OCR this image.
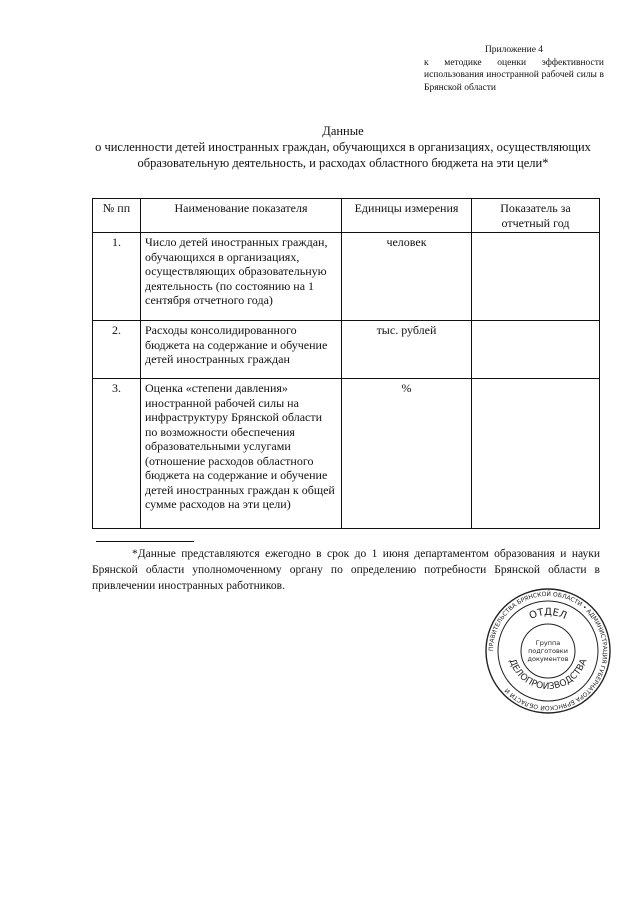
Приложение 4
к методике оценки эффективности использования иностранной рабочей силы в Брянской области
Данные
о численности детей иностранных граждан, обучающихся в организациях, осуществляющих образовательную деятельность, и расходах областного бюджета на эти цели*
№ пп	Наименование показателя	Единицы измерения	Показатель за отчетный год
1.	Число детей иностранных граждан, обучающихся в организациях, осуществляющих образовательную деятельность (по состоянию на 1 сентября отчетного года)	человек	
2.	Расходы консолидированного бюджета на содержание и обучение детей иностранных граждан	тыс. рублей	
3.	Оценка «степени давления» иностранной рабочей силы на инфраструктуру Брянской области по возможности обеспечения образовательными услугами (отношение расходов областного бюджета на содержание и обучение детей иностранных граждан к общей сумме расходов на эти цели)	%	
*Данные представляются ежегодно в срок до 1 июня департаментом образования и науки Брянской области уполномоченному органу по определению потребности Брянской области в привлечении иностранных работников.
ПРАВИТЕЛЬСТВА БРЯНСКОЙ ОБЛАСТИ • АДМИНИСТРАЦИЯ ГУБЕРНАТОРА БРЯНСКОЙ ОБЛАСТИ И
ОТДЕЛ
ДЕЛОПРОИЗВОДСТВА
Группа
подготовки
документов
